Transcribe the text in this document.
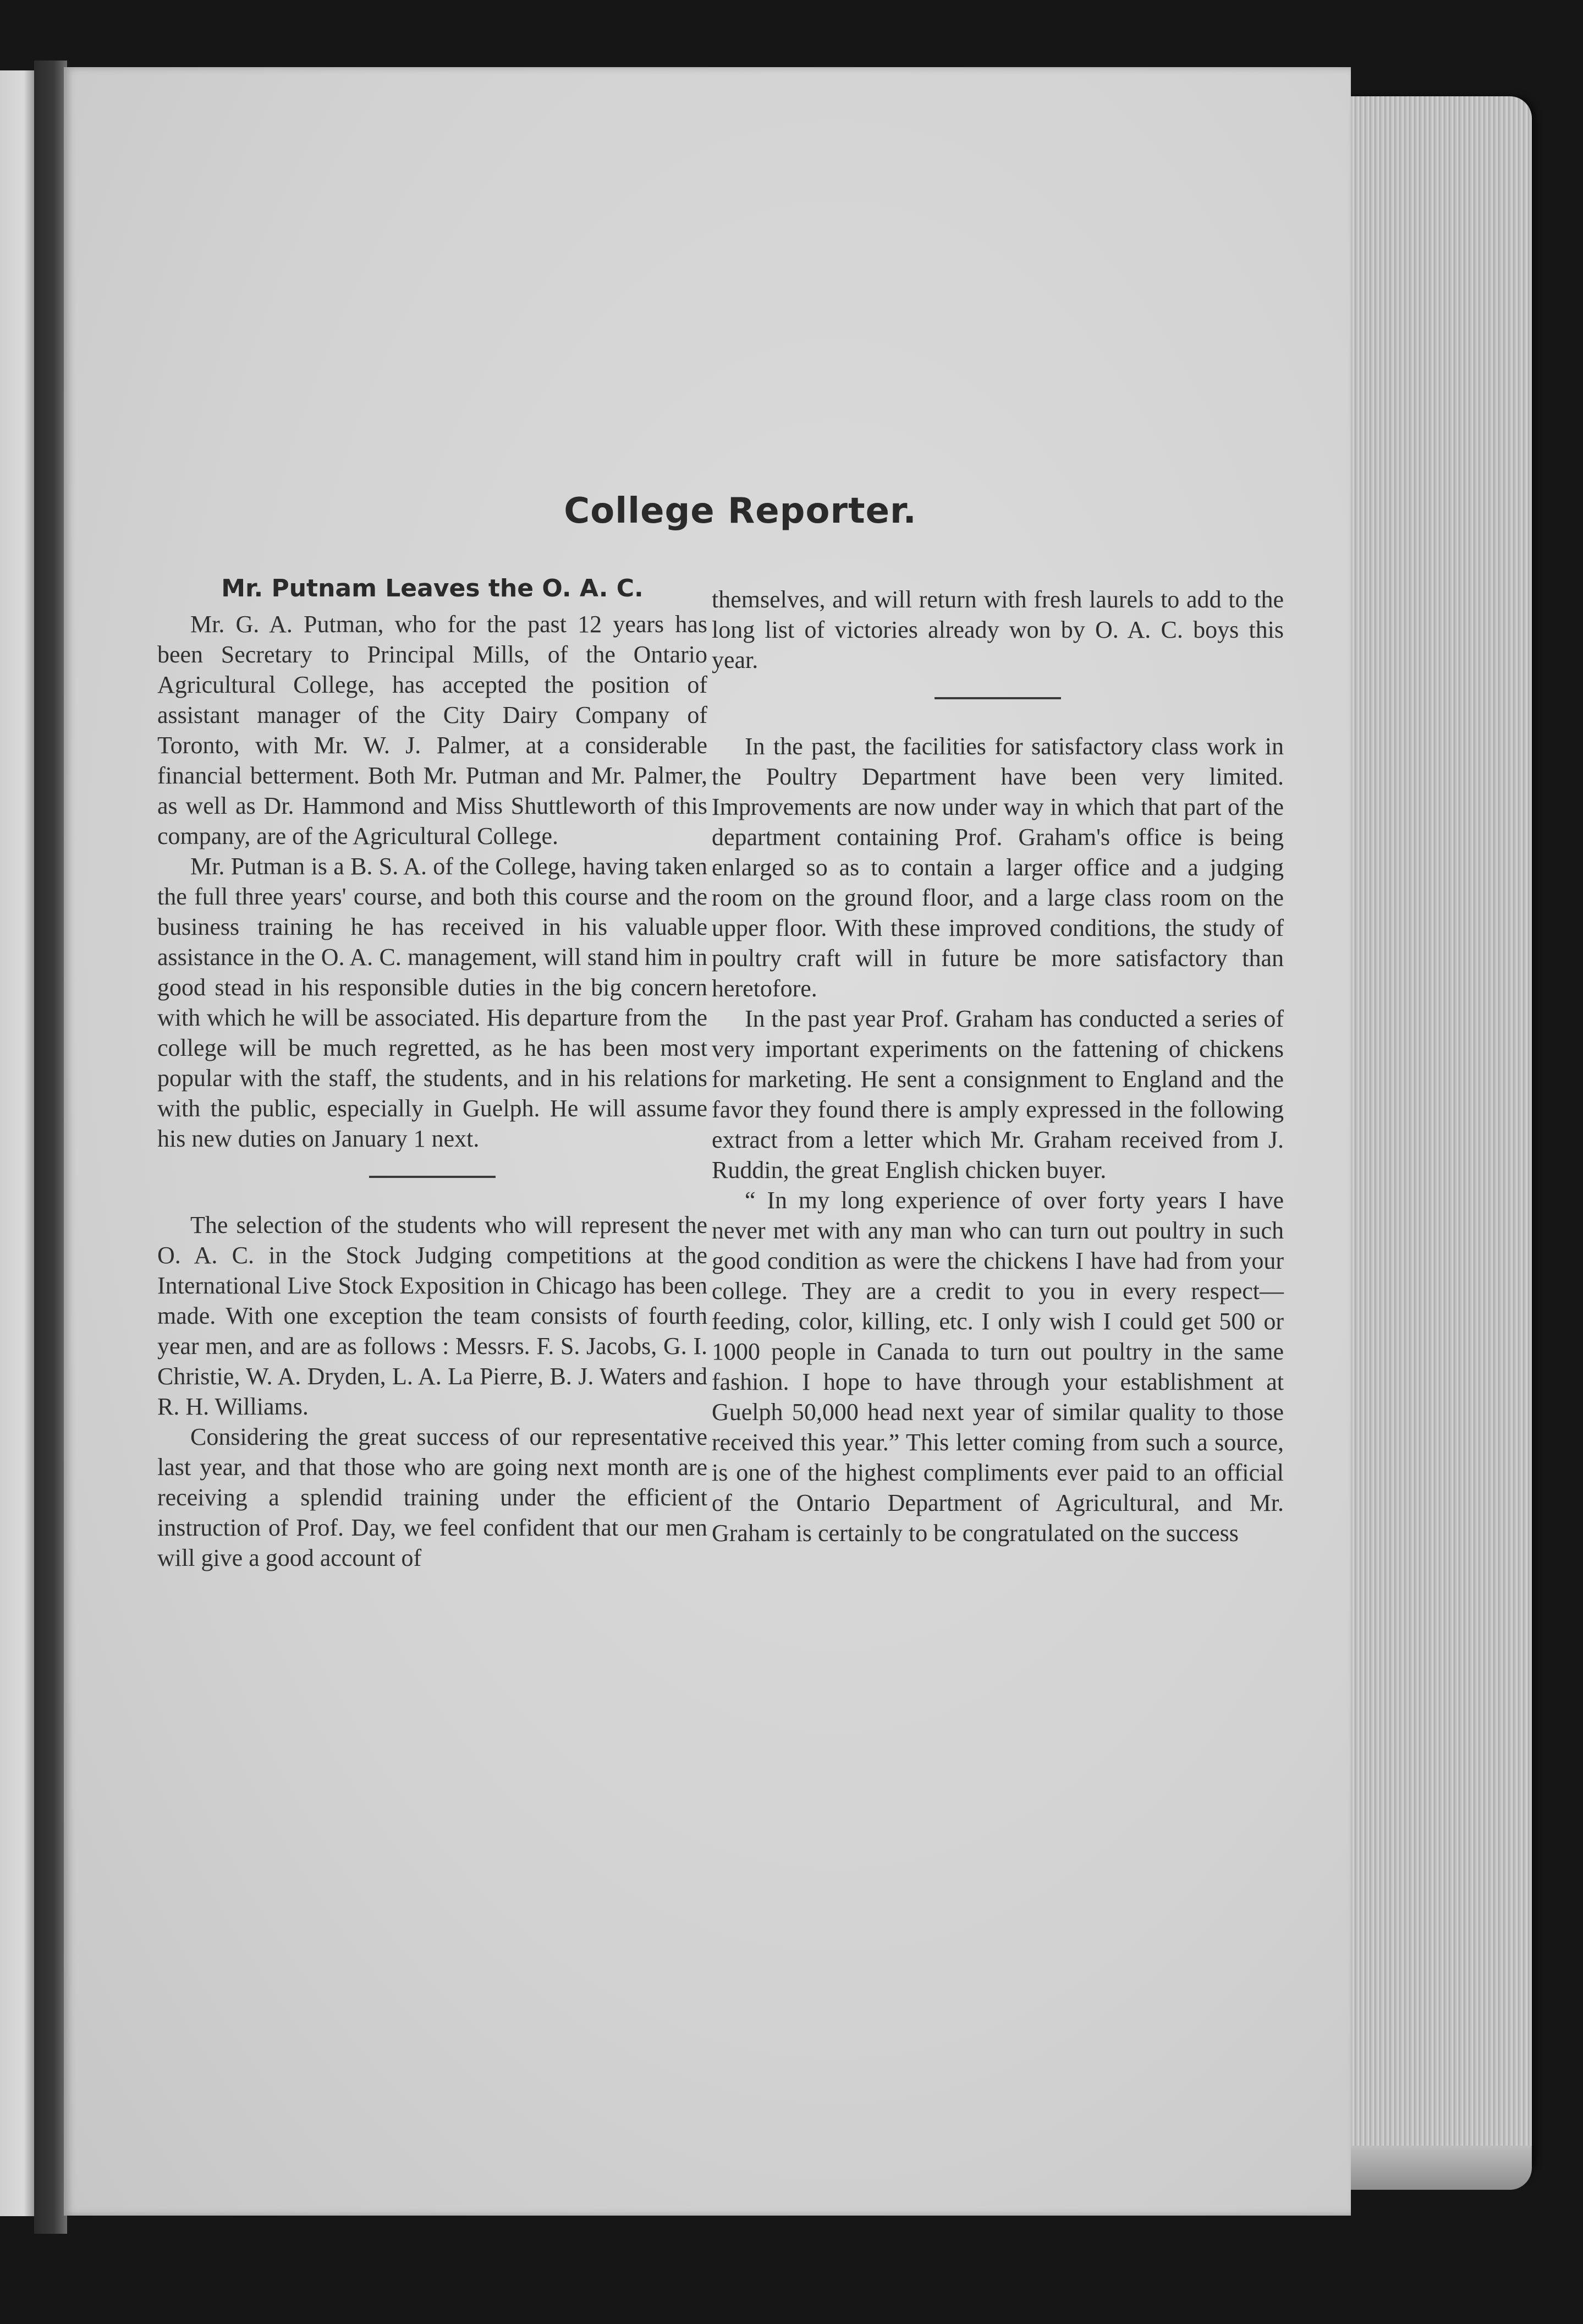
College Reporter.
Mr. Putnam Leaves the O. A. C.

Mr. G. A. Putman, who for the past 12 years has been Secretary to Principal Mills, of the Ontario Agricultural College, has accepted the position of assistant manager of the City Dairy Company of Toronto, with Mr. W. J. Palmer, at a considerable financial betterment. Both Mr. Putman and Mr. Palmer, as well as Dr. Hammond and Miss Shuttleworth of this company, are of the Agricultural College.

Mr. Putman is a B. S. A. of the College, having taken the full three years' course, and both this course and the business training he has received in his valuable assistance in the O. A. C. management, will stand him in good stead in his responsible duties in the big concern with which he will be associated. His departure from the college will be much regretted, as he has been most popular with the staff, the students, and in his relations with the public, especially in Guelph. He will assume his new duties on January 1 next.

The selection of the students who will represent the O. A. C. in the Stock Judging competitions at the International Live Stock Exposition in Chicago has been made. With one exception the team consists of fourth year men, and are as follows : Messrs. F. S. Jacobs, G. I. Christie, W. A. Dryden, L. A. La Pierre, B. J. Waters and R. H. Williams.

Considering the great success of our representative last year, and that those who are going next month are receiving a splendid training under the efficient instruction of Prof. Day, we feel confident that our men will give a good account of

themselves, and will return with fresh laurels to add to the long list of victories already won by O. A. C. boys this year.

In the past, the facilities for satisfactory class work in the Poultry Department have been very limited. Improvements are now under way in which that part of the department containing Prof. Graham's office is being enlarged so as to contain a larger office and a judging room on the ground floor, and a large class room on the upper floor. With these improved conditions, the study of poultry craft will in future be more satisfactory than heretofore.

In the past year Prof. Graham has conducted a series of very important experiments on the fattening of chickens for marketing. He sent a consignment to England and the favor they found there is amply expressed in the following extract from a letter which Mr. Graham received from J. Ruddin, the great English chicken buyer.

“ In my long experience of over forty years I have never met with any man who can turn out poultry in such good condition as were the chickens I have had from your college. They are a credit to you in every respect—feeding, color, killing, etc. I only wish I could get 500 or 1000 people in Canada to turn out poultry in the same fashion. I hope to have through your establishment at Guelph 50,000 head next year of similar quality to those received this year.” This letter coming from such a source, is one of the highest compliments ever paid to an official of the Ontario Department of Agricultural, and Mr. Graham is certainly to be congratulated on the success
